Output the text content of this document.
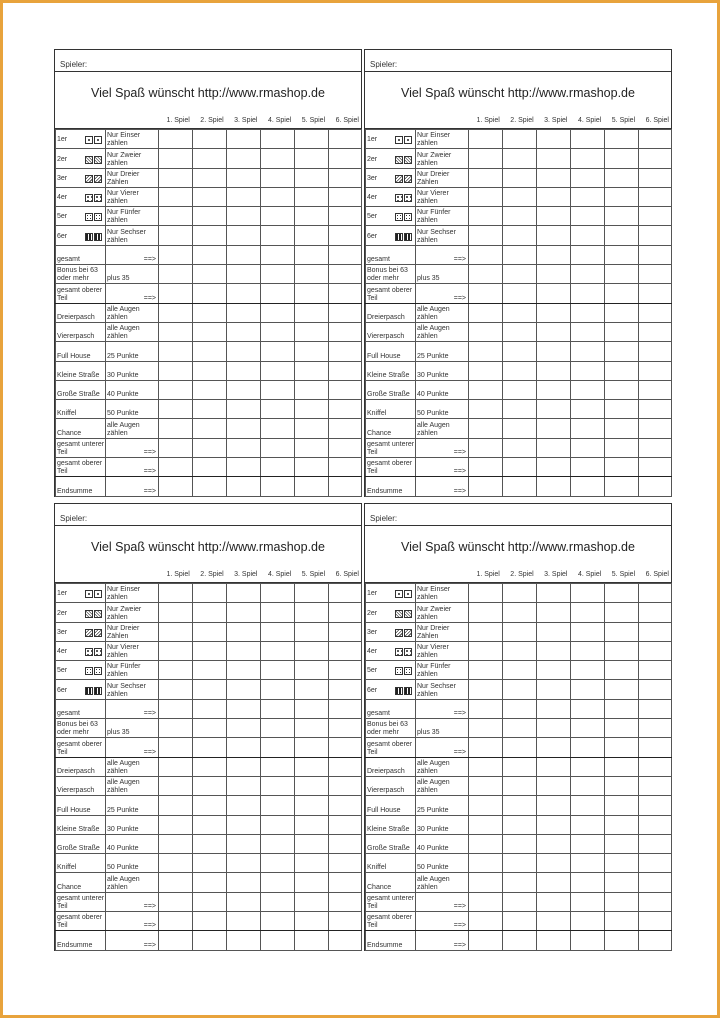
Spieler:
Viel Spaß wünscht http://www.rmashop.de
1. Spiel	2. Spiel	3. Spiel	4. Spiel	5. Spiel	6. Spiel
1er	Nur Einser zählen						

2er	Nur Zweier zählen						

3er	Nur Dreier Zählen						

4er	Nur Vierer zählen						

5er	Nur Fünfer zählen						

6er	Nur Sechser zählen						
gesamt	==>						
Bonus bei 63 oder mehr	plus 35						
gesamt oberer Teil	==>						
Dreierpasch	alle Augen zählen						
Viererpasch	alle Augen zählen						
Full House	25 Punkte						
Kleine Straße	30 Punkte						
Große Straße	40 Punkte						
Kniffel	50 Punkte						
Chance	alle Augen zählen						
gesamt unterer Teil	==>						
gesamt oberer Teil	==>						
Endsumme	==>						
Spieler:
Viel Spaß wünscht http://www.rmashop.de
1. Spiel	2. Spiel	3. Spiel	4. Spiel	5. Spiel	6. Spiel
1er	Nur Einser zählen						

2er	Nur Zweier zählen						

3er	Nur Dreier Zählen						

4er	Nur Vierer zählen						

5er	Nur Fünfer zählen						

6er	Nur Sechser zählen						
gesamt	==>						
Bonus bei 63 oder mehr	plus 35						
gesamt oberer Teil	==>						
Dreierpasch	alle Augen zählen						
Viererpasch	alle Augen zählen						
Full House	25 Punkte						
Kleine Straße	30 Punkte						
Große Straße	40 Punkte						
Kniffel	50 Punkte						
Chance	alle Augen zählen						
gesamt unterer Teil	==>						
gesamt oberer Teil	==>						
Endsumme	==>						
Spieler:
Viel Spaß wünscht http://www.rmashop.de
1. Spiel	2. Spiel	3. Spiel	4. Spiel	5. Spiel	6. Spiel
1er	Nur Einser zählen						

2er	Nur Zweier zählen						

3er	Nur Dreier Zählen						

4er	Nur Vierer zählen						

5er	Nur Fünfer zählen						

6er	Nur Sechser zählen						
gesamt	==>						
Bonus bei 63 oder mehr	plus 35						
gesamt oberer Teil	==>						
Dreierpasch	alle Augen zählen						
Viererpasch	alle Augen zählen						
Full House	25 Punkte						
Kleine Straße	30 Punkte						
Große Straße	40 Punkte						
Kniffel	50 Punkte						
Chance	alle Augen zählen						
gesamt unterer Teil	==>						
gesamt oberer Teil	==>						
Endsumme	==>						
Spieler:
Viel Spaß wünscht http://www.rmashop.de
1. Spiel	2. Spiel	3. Spiel	4. Spiel	5. Spiel	6. Spiel
1er	Nur Einser zählen						

2er	Nur Zweier zählen						

3er	Nur Dreier Zählen						

4er	Nur Vierer zählen						

5er	Nur Fünfer zählen						

6er	Nur Sechser zählen						
gesamt	==>						
Bonus bei 63 oder mehr	plus 35						
gesamt oberer Teil	==>						
Dreierpasch	alle Augen zählen						
Viererpasch	alle Augen zählen						
Full House	25 Punkte						
Kleine Straße	30 Punkte						
Große Straße	40 Punkte						
Kniffel	50 Punkte						
Chance	alle Augen zählen						
gesamt unterer Teil	==>						
gesamt oberer Teil	==>						
Endsumme	==>						
